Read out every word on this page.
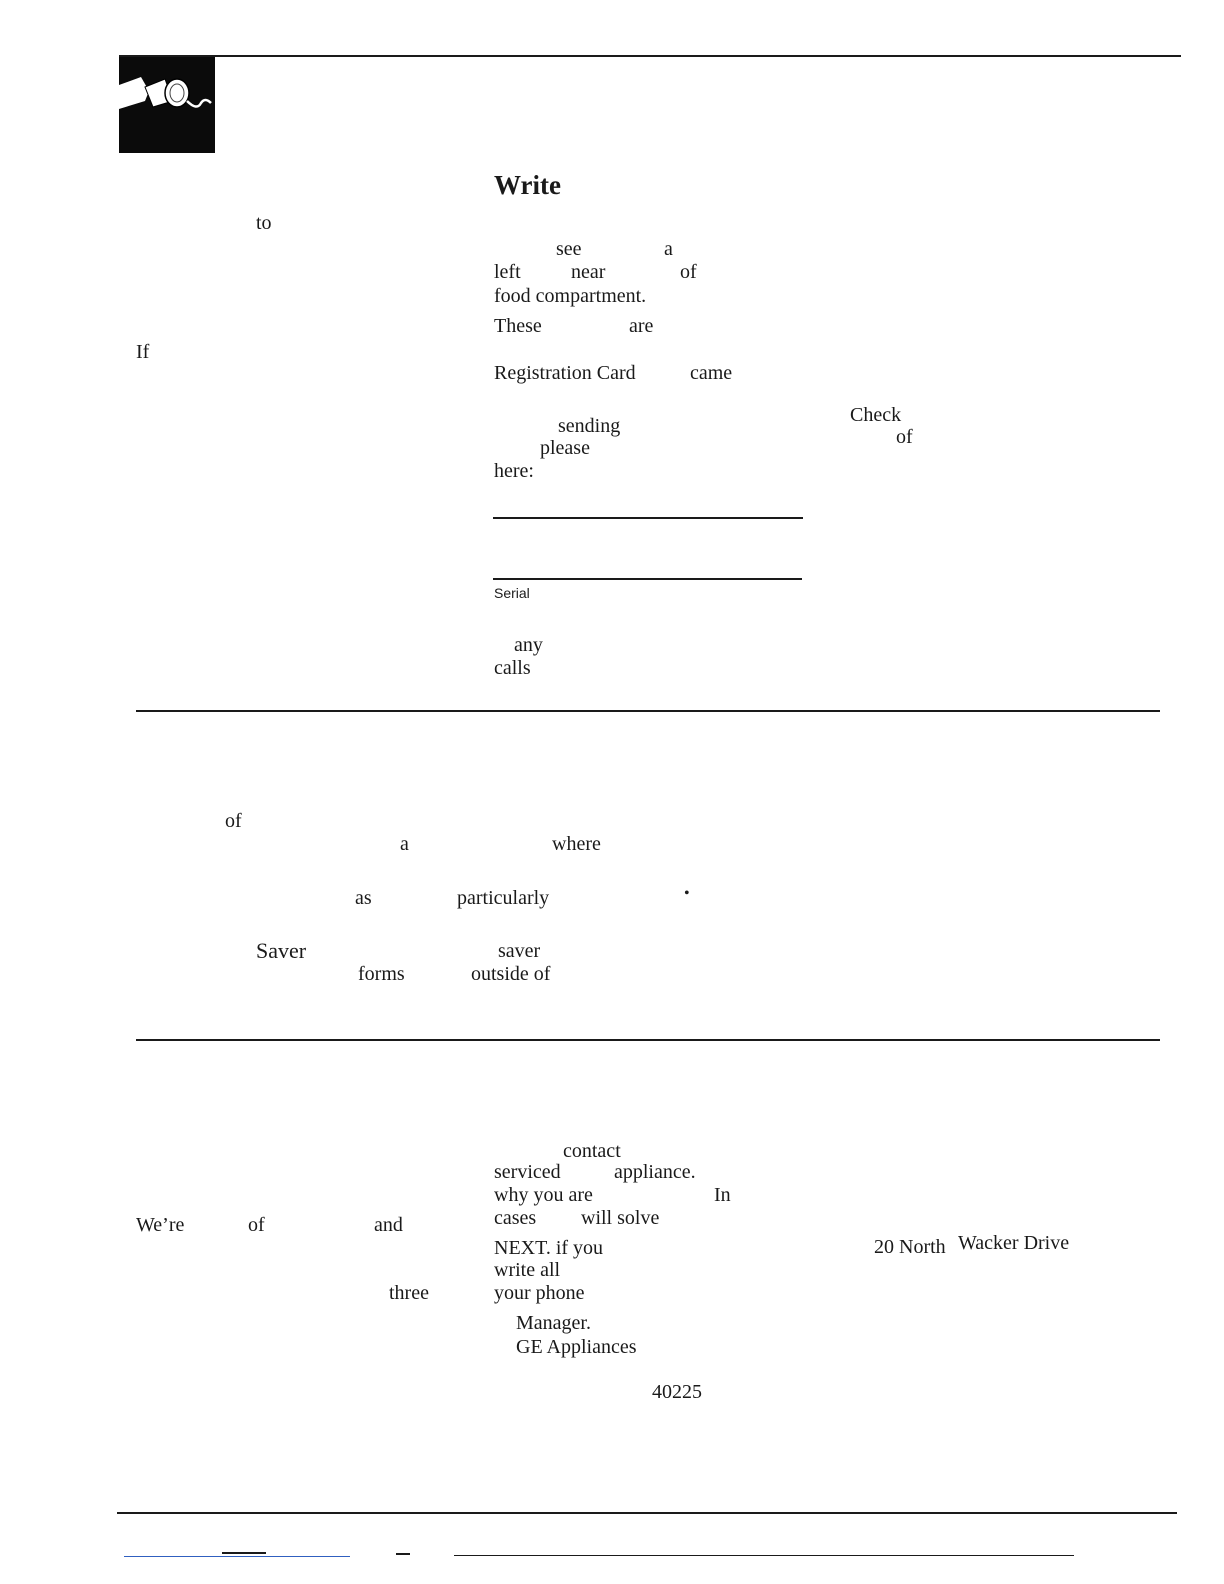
Write
to
If
see	a
left	near	of
food compartment.
These	are
Registration Card	came
sending	Check
please	of
here:
Serial
any
calls
of
a	where
as	particularly	•
Saver	saver
forms	outside of
contact
serviced	appliance.
why you are	In
cases will solve
NEXT. if you
write all
your phone
Manager.
GE Appliances
40225
20 North Wacker Drive
We’re	of	and
three
